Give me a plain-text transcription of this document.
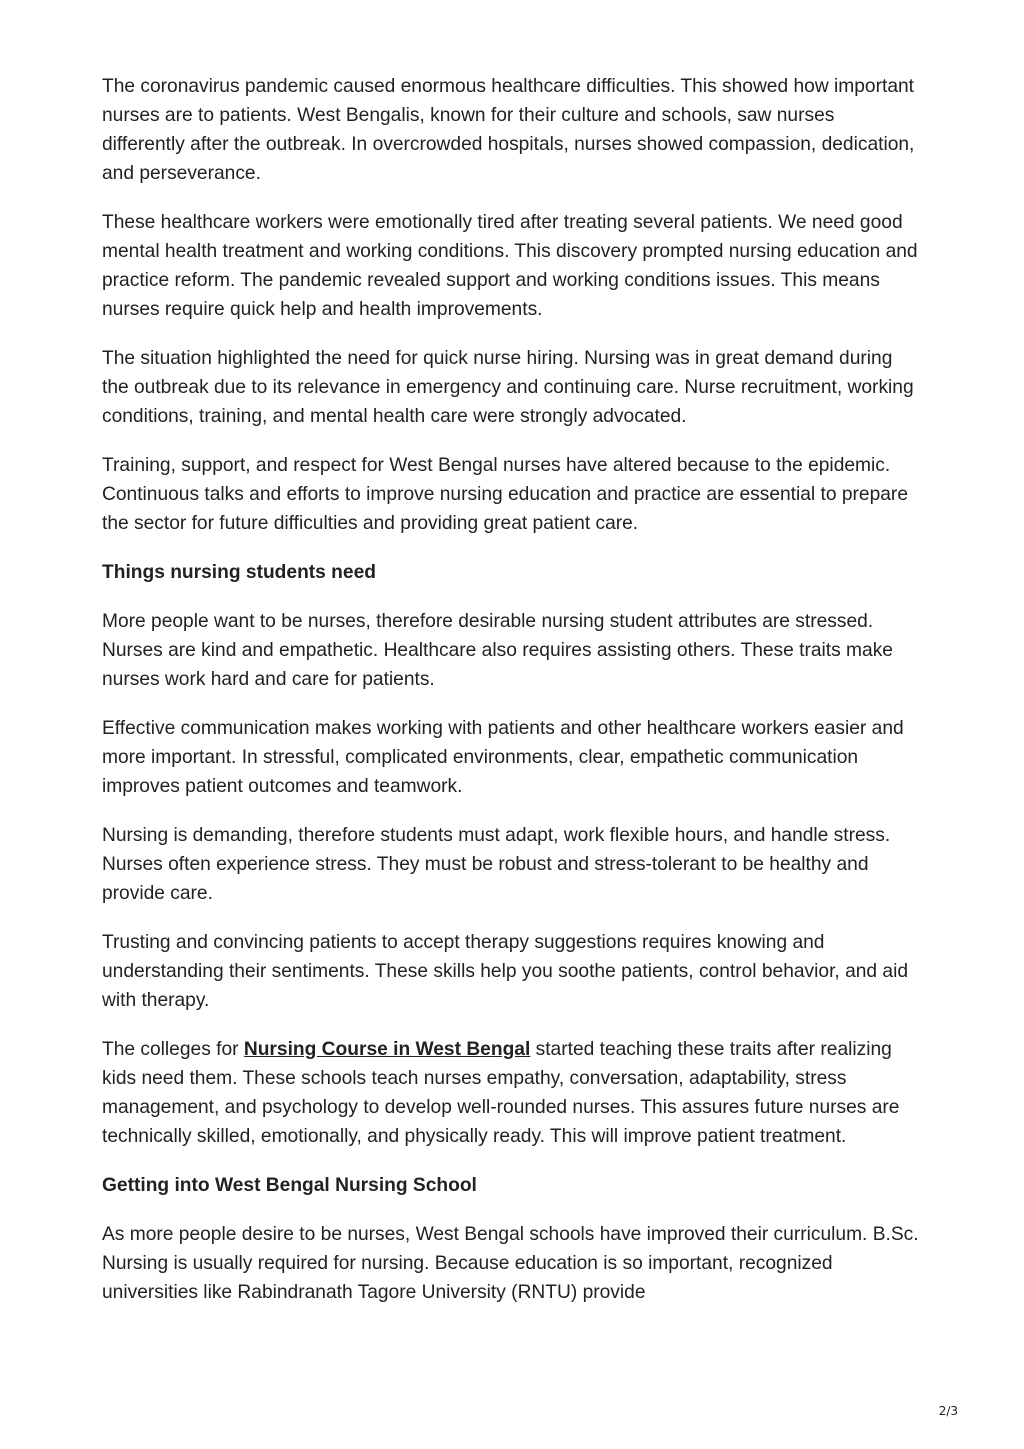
The coronavirus pandemic caused enormous healthcare difficulties. This showed how important nurses are to patients. West Bengalis, known for their culture and schools, saw nurses differently after the outbreak. In overcrowded hospitals, nurses showed compassion, dedication, and perseverance.

These healthcare workers were emotionally tired after treating several patients. We need good mental health treatment and working conditions. This discovery prompted nursing education and practice reform. The pandemic revealed support and working conditions issues. This means nurses require quick help and health improvements.

The situation highlighted the need for quick nurse hiring. Nursing was in great demand during the outbreak due to its relevance in emergency and continuing care. Nurse recruitment, working conditions, training, and mental health care were strongly advocated.

Training, support, and respect for West Bengal nurses have altered because to the epidemic. Continuous talks and efforts to improve nursing education and practice are essential to prepare the sector for future difficulties and providing great patient care.

Things nursing students need

More people want to be nurses, therefore desirable nursing student attributes are stressed. Nurses are kind and empathetic. Healthcare also requires assisting others. These traits make nurses work hard and care for patients.

Effective communication makes working with patients and other healthcare workers easier and more important. In stressful, complicated environments, clear, empathetic communication improves patient outcomes and teamwork.

Nursing is demanding, therefore students must adapt, work flexible hours, and handle stress. Nurses often experience stress. They must be robust and stress-tolerant to be healthy and provide care.

Trusting and convincing patients to accept therapy suggestions requires knowing and understanding their sentiments. These skills help you soothe patients, control behavior, and aid with therapy.

The colleges for Nursing Course in West Bengal started teaching these traits after realizing kids need them. These schools teach nurses empathy, conversation, adaptability, stress management, and psychology to develop well-rounded nurses. This assures future nurses are technically skilled, emotionally, and physically ready. This will improve patient treatment.

Getting into West Bengal Nursing School

As more people desire to be nurses, West Bengal schools have improved their curriculum. B.Sc. Nursing is usually required for nursing. Because education is so important, recognized universities like Rabindranath Tagore University (RNTU) provide

2/3
